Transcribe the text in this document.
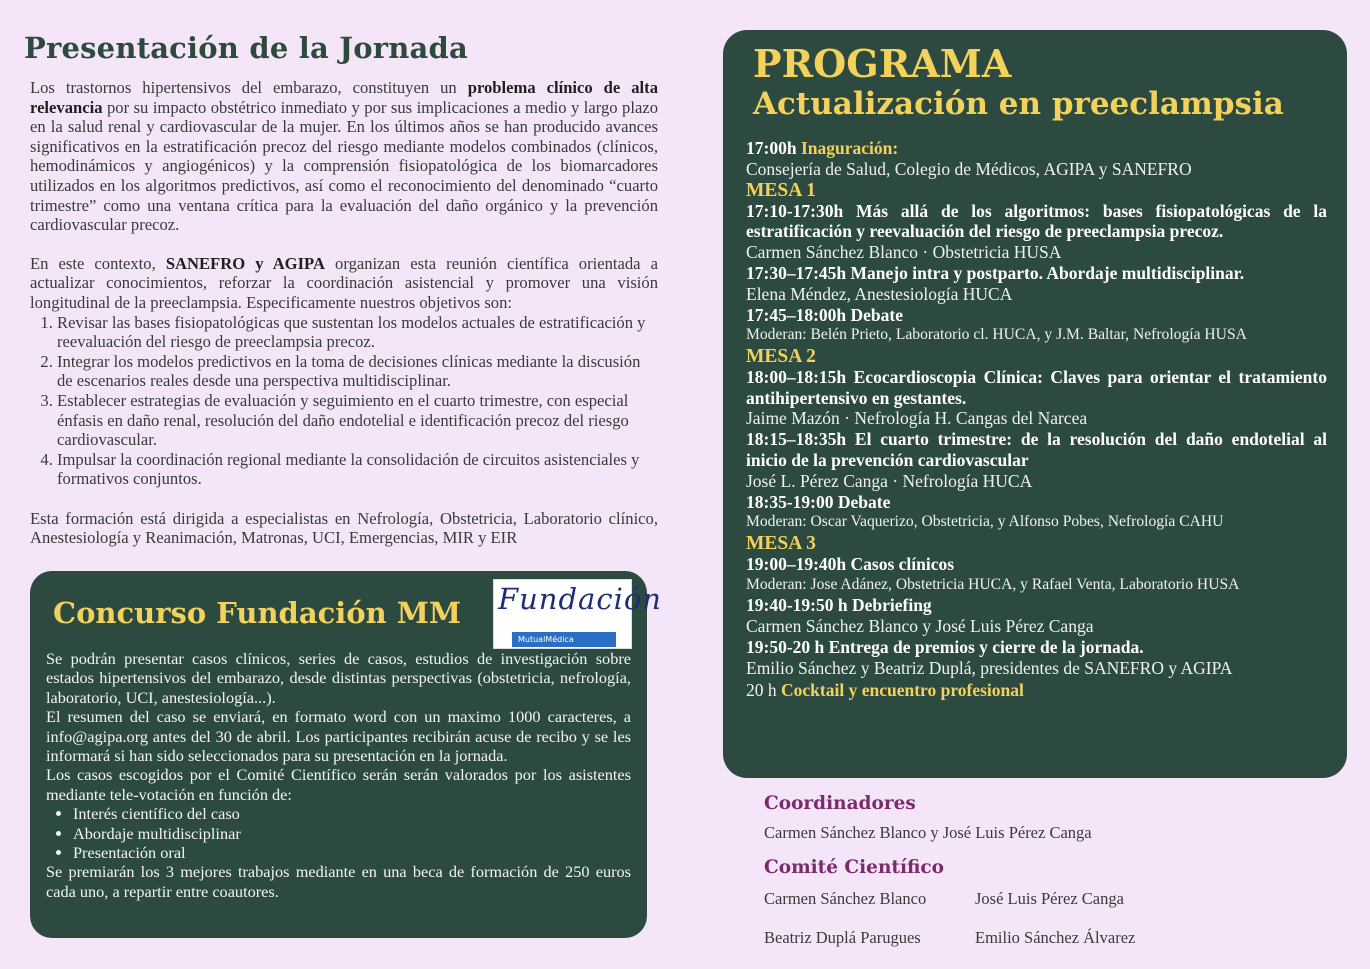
Presentación de la Jornada

Los trastornos hipertensivos del embarazo, constituyen un problema clínico de alta relevancia por su impacto obstétrico inmediato y por sus implicaciones a medio y largo plazo en la salud renal y cardiovascular de la mujer. En los últimos años se han producido avances significativos en la estratificación precoz del riesgo mediante modelos combinados (clínicos, hemodinámicos y angiogénicos) y la comprensión fisiopatológica de los biomarcadores utilizados en los algoritmos predictivos, así como el reconocimiento del denominado “cuarto trimestre” como una ventana crítica para la evaluación del daño orgánico y la prevención cardiovascular precoz.

En este contexto, SANEFRO y AGIPA organizan esta reunión científica orientada a actualizar conocimientos, reforzar la coordinación asistencial y promover una visión longitudinal de la preeclampsia. Especificamente nuestros objetivos son:

1. Revisar las bases fisiopatológicas que sustentan los modelos actuales de estratificación y reevaluación del riesgo de preeclampsia precoz.
2. Integrar los modelos predictivos en la toma de decisiones clínicas mediante la discusión de escenarios reales desde una perspectiva multidisciplinar.
3. Establecer estrategias de evaluación y seguimiento en el cuarto trimestre, con especial énfasis en daño renal, resolución del daño endotelial e identificación precoz del riesgo cardiovascular.
4. Impulsar la coordinación regional mediante la consolidación de circuitos asistenciales y formativos conjuntos.

Esta formación está dirigida a especialistas en Nefrología, Obstetricia, Laboratorio clínico, Anestesiología y Reanimación, Matronas, UCI, Emergencias, MIR y EIR

Concurso Fundación MM	Fundación
MutualMédica
Se podrán presentar casos clínicos, series de casos, estudios de investigación sobre estados hipertensivos del embarazo, desde distintas perspectivas (obstetricia, nefrología, laboratorio, UCI, anestesiología...).
El resumen del caso se enviará, en formato word con un maximo 1000 caracteres, a info@agipa.org antes del 30 de abril. Los participantes recibirán acuse de recibo y se les informará si han sido seleccionados para su presentación en la jornada.
Los casos escogidos por el Comité Científico serán serán valorados por los asistentes mediante tele-votación en función de:
• Interés científico del caso
• Abordaje multidisciplinar
• Presentación oral
Se premiarán los 3 mejores trabajos mediante en una beca de formación de 250 euros cada uno, a repartir entre coautores.
PROGRAMA
Actualización en preeclampsia
17:00h Inaguración:
Consejería de Salud, Colegio de Médicos, AGIPA y SANEFRO
MESA 1
17:10-17:30h Más allá de los algoritmos: bases fisiopatológicas de la estratificación y reevaluación del riesgo de preeclampsia precoz.
Carmen Sánchez Blanco · Obstetricia HUSA
17:30–17:45h Manejo intra y postparto. Abordaje multidisciplinar.
Elena Méndez, Anestesiología HUCA
17:45–18:00h Debate
Moderan: Belén Prieto, Laboratorio cl. HUCA, y J.M. Baltar, Nefrología HUSA
MESA 2
18:00–18:15h Ecocardioscopia Clínica: Claves para orientar el tratamiento antihipertensivo en gestantes.
Jaime Mazón · Nefrología H. Cangas del Narcea
18:15–18:35h El cuarto trimestre: de la resolución del daño endotelial al inicio de la prevención cardiovascular
José L. Pérez Canga · Nefrología HUCA
18:35-19:00 Debate
Moderan: Oscar Vaquerizo, Obstetricia, y Alfonso Pobes, Nefrología CAHU
MESA 3
19:00–19:40h Casos clínicos
Moderan: Jose Adánez, Obstetricia HUCA, y Rafael Venta, Laboratorio HUSA
19:40-19:50 h Debriefing
Carmen Sánchez Blanco y José Luis Pérez Canga
19:50-20 h Entrega de premios y cierre de la jornada.
Emilio Sánchez y Beatriz Duplá, presidentes de SANEFRO y AGIPA
20 h Cocktail y encuentro profesional
Coordinadores
Carmen Sánchez Blanco y José Luis Pérez Canga
Comité Científico
Carmen Sánchez Blanco	José Luis Pérez Canga
Beatriz Duplá Parugues	Emilio Sánchez Álvarez
